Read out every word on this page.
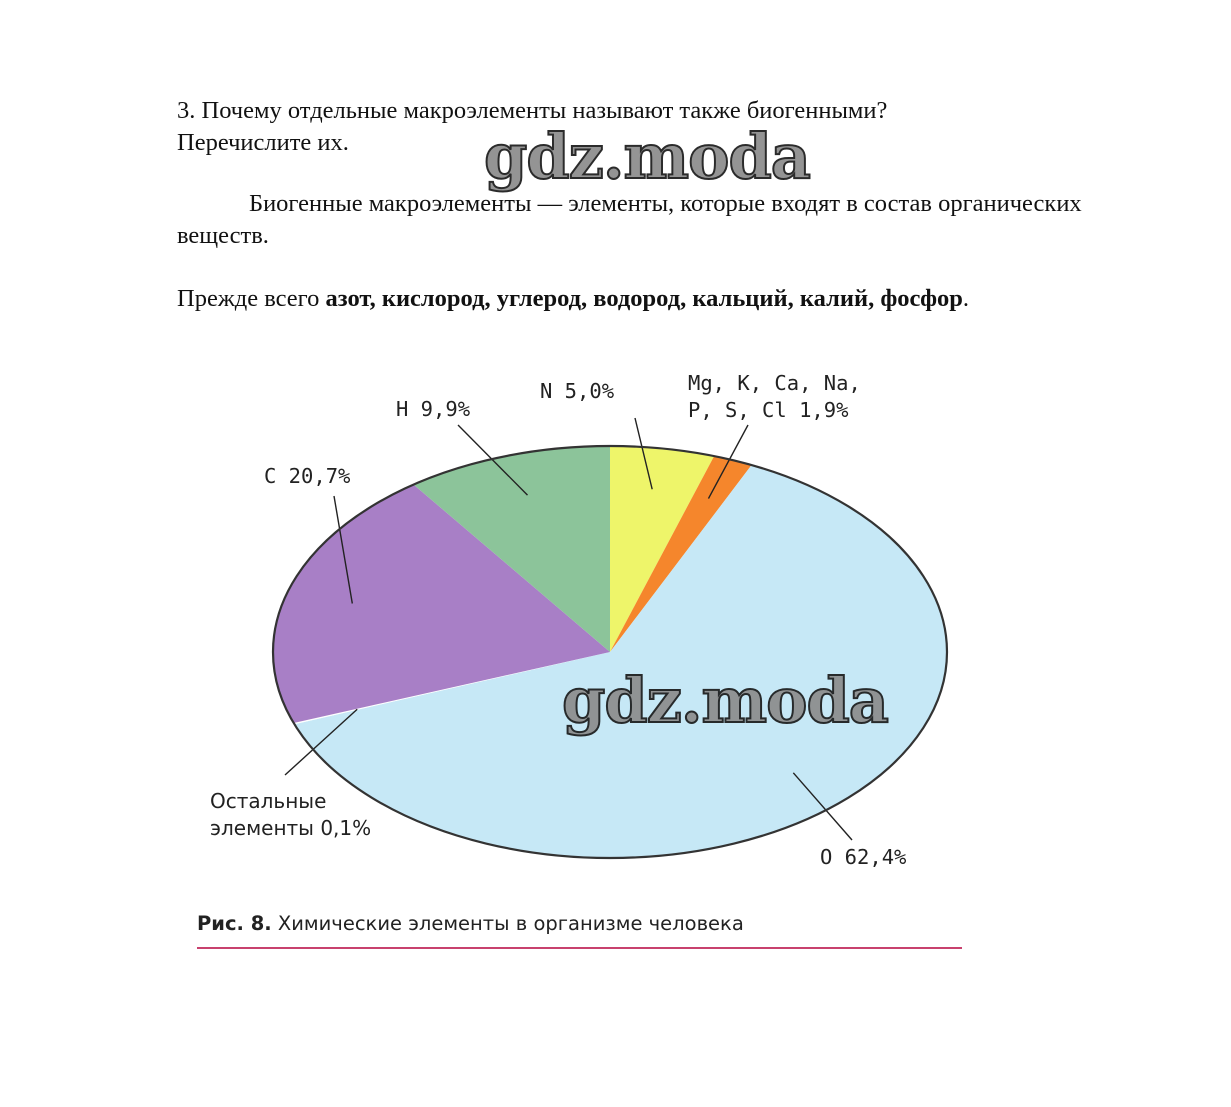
3. Почему отдельные макроэлементы называют также биогенными?
Перечислите их.

Биогенные макроэлементы — элементы, которые входят в состав органических веществ.

Прежде всего азот, кислород, углерод, водород, кальций, калий, фосфор.
N 5,0%	Mg, K, Ca, Na,
P, S, Cl 1,9%
O 62,4%
Остальные
элементы 0,1%
C 20,7%
H 9,9%
Рис. 8. Химические элементы в организме человека
gdz.moda
gdz.moda
